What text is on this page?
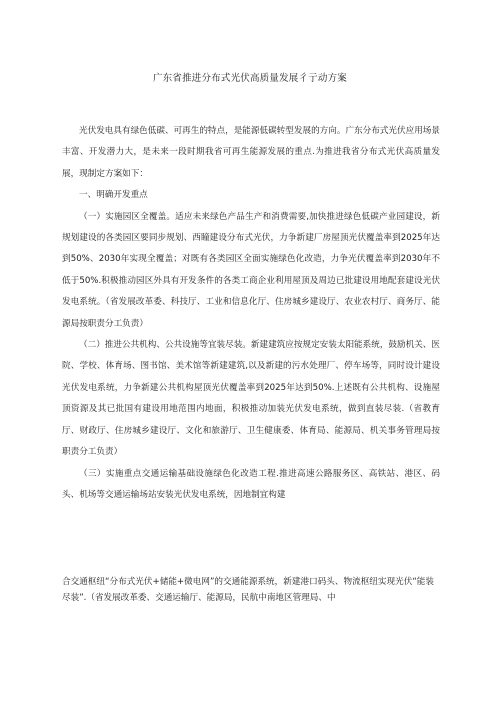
广东省推进分布式光伏高质量发展彳亍动方案

光伏发电具有绿色低碳、可再生的特点，是能源低碳转型发展的方向。广东分布式光伏应用场景丰富、开发潜力大，是未来一段时期我省可再生能源发展的重点.为推进我省分布式光伏高质量发展，现制定方案如下：

一、明确开发重点

（一）实施园区全覆盖。适应未来绿色产品生产和消费需要,加快推进绿色低碳产业园建设，新规划建设的各类园区要同步规划、西瞳建设分布式光伏，力争新建厂房屋顶光伏覆盖率到2025年达到50%、2030年实现全覆盖；对既有各类园区全面实施绿色化改造，力争光伏覆盖率到2030年不低于50%.积极推动园区外具有开发条件的各类工商企业利用屋顶及周边已批建设用地配套建设光伏发电系统。（省发展改革委、科技厅、工业和信息化厅、住房城乡建设厅、农业农村厅、商务厅、能源局按职责分工负责）

（二）推进公共机构、公共设施等宜装尽装。新建建筑应按规定安装太阳能系统，鼓励机关、医院、学校、体育场、图书馆、美术馆等新建建筑,以及新建的污水处理厂、停车场等，同时设计建设光伏发电系统，力争新建公共机构屋顶光伏覆盖率到2025年达到50%.上述既有公共机构、设施屋顶资源及其已批国有建设用地范围内地面，积极推动加装光伏发电系统，做到直装尽装.（省教育厅、财政厅、住房城乡建设厅、文化和旅游厅、卫生健康委、体育局、能源局、机关事务管理局按职责分工负责）

（三）实施重点交通运输基础设施绿色化改造工程.推进高速公路服务区、高铁站、港区、码头、机场等交通运输场站安装光伏发电系统，因地制宜构建

合交通枢纽“分布式光伏+储能+微电网”的交通能源系统，新建港口码头、物流枢纽实现光伏“能装尽装”.（省发展改革委、交通运输厅、能源局，民航中南地区管理局、中
